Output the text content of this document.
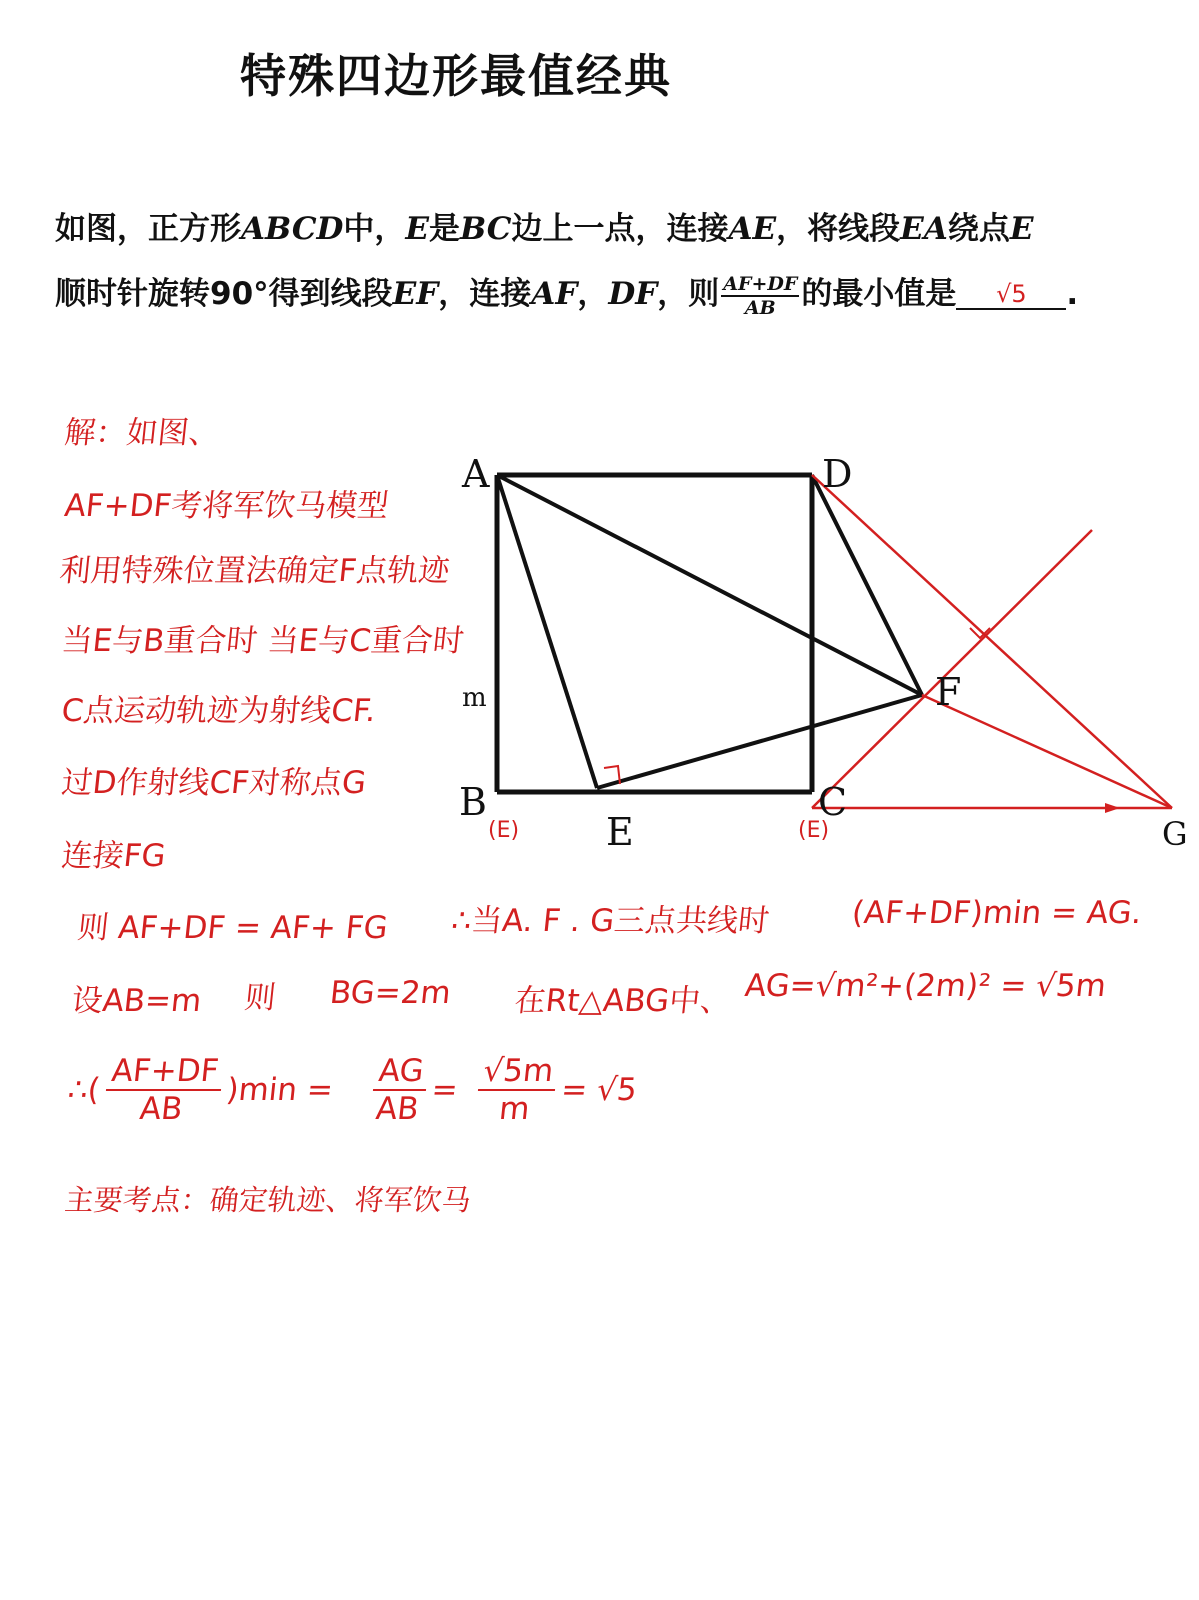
特殊四边形最值经典
如图，正方形ABCD中，E是BC边上一点，连接AE，将线段EA绕点E
顺时针旋转90°得到线段EF，连接AF，DF，则 $\frac{AF+DF}{AB}$ 的最小值是 √5 .
A	D
B	C
E
F
G
m
(E)	(E)
解：如图、
AF+DF考将军饮马模型
利用特殊位置法确定F点轨迹
当E与B重合时 当E与C重合时
C点运动轨迹为射线CF.
过D作射线CF对称点G
连接FG
则 AF+DF = AF+ FG ∴当A. F . G三点共线时	(AF+DF)min = AG.
设AB=m 则 BG=2m 在Rt△ABG中、 AG=√m²+(2m)² = √5m
∴( $\frac{AF+DF}{AB} )\min = \frac{AG}{AB} = \frac{√5m}{m} = √5$
主要考点：确定轨迹、将军饮马
